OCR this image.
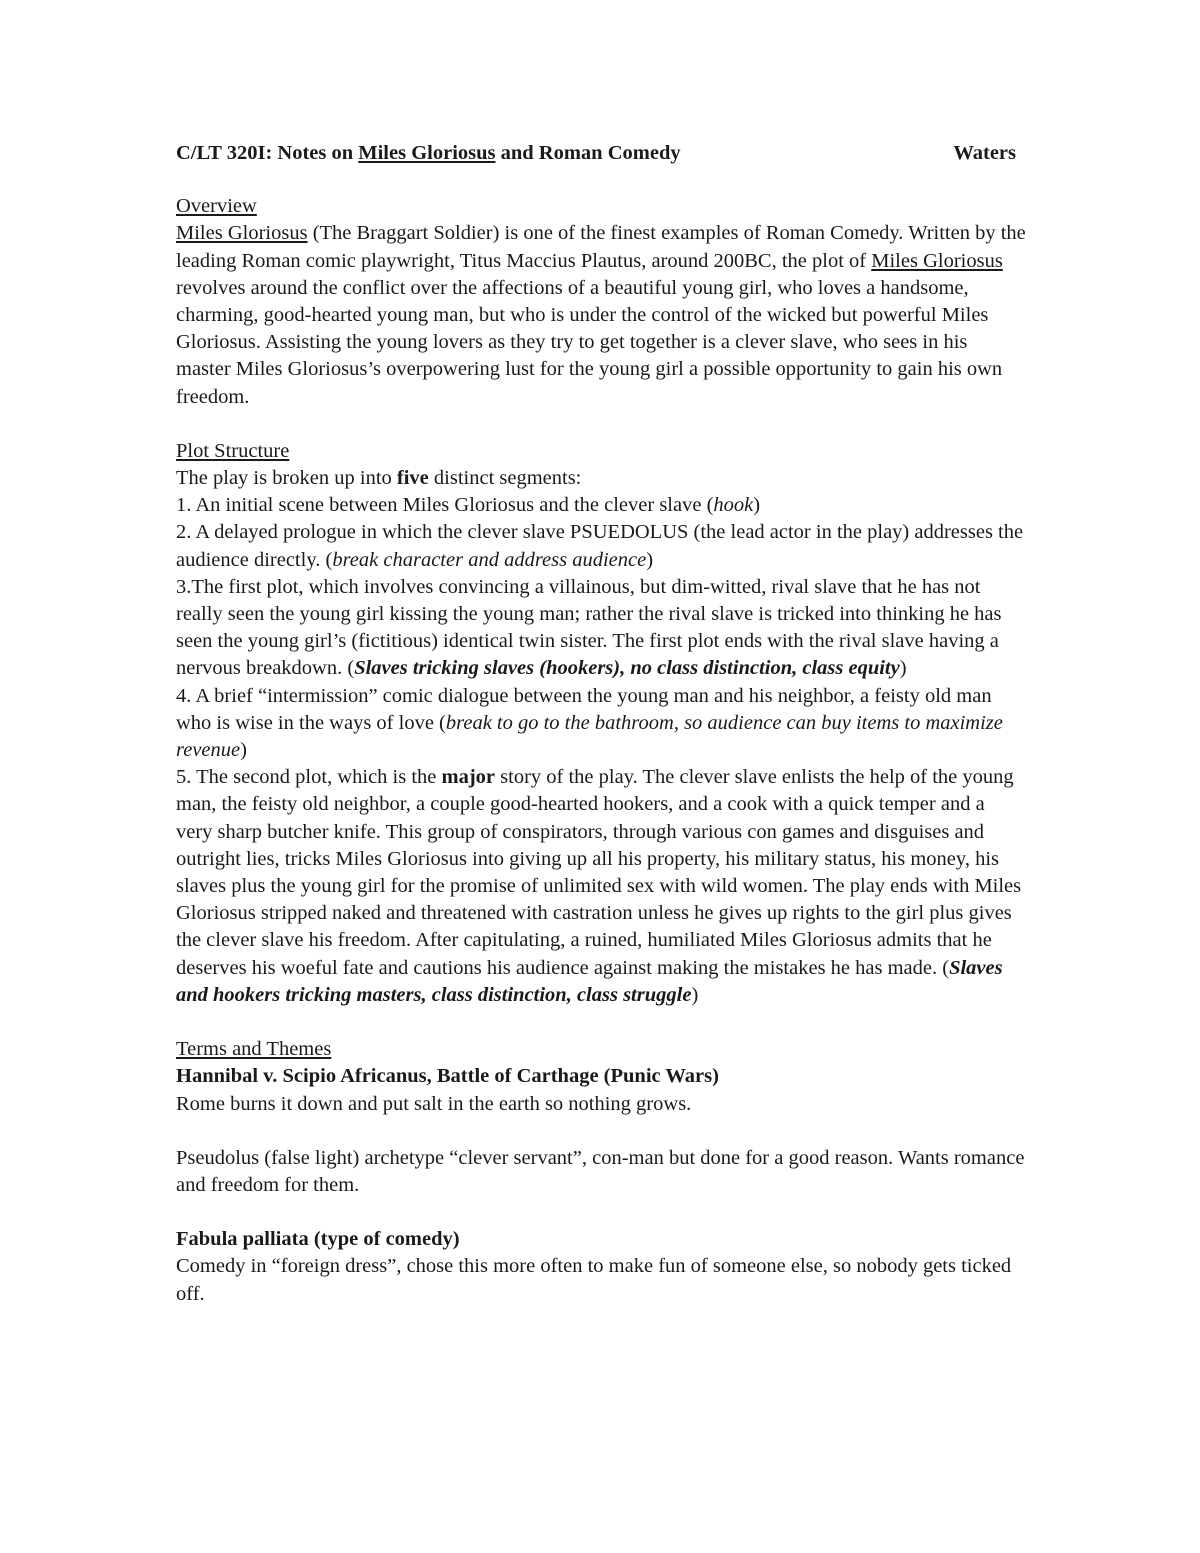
C/LT 320I: Notes on Miles Gloriosus and Roman Comedy	Waters
Overview

Miles Gloriosus (The Braggart Soldier) is one of the finest examples of Roman Comedy. Written by the leading Roman comic playwright, Titus Maccius Plautus, around 200BC, the plot of Miles Gloriosus revolves around the conflict over the affections of a beautiful young girl, who loves a handsome, charming, good-hearted young man, but who is under the control of the wicked but powerful Miles Gloriosus. Assisting the young lovers as they try to get together is a clever slave, who sees in his master Miles Gloriosus’s overpowering lust for the young girl a possible opportunity to gain his own freedom.

Plot Structure

The play is broken up into five distinct segments:

1. An initial scene between Miles Gloriosus and the clever slave (hook)

2. A delayed prologue in which the clever slave PSUEDOLUS (the lead actor in the play) addresses the audience directly. (break character and address audience)

3.The first plot, which involves convincing a villainous, but dim-witted, rival slave that he has not really seen the young girl kissing the young man; rather the rival slave is tricked into thinking he has seen the young girl’s (fictitious) identical twin sister. The first plot ends with the rival slave having a nervous breakdown. (Slaves tricking slaves (hookers), no class distinction, class equity)

4. A brief “intermission” comic dialogue between the young man and his neighbor, a feisty old man who is wise in the ways of love (break to go to the bathroom, so audience can buy items to maximize revenue)

5. The second plot, which is the major story of the play. The clever slave enlists the help of the young man, the feisty old neighbor, a couple good-hearted hookers, and a cook with a quick temper and a very sharp butcher knife. This group of conspirators, through various con games and disguises and outright lies, tricks Miles Gloriosus into giving up all his property, his military status, his money, his slaves plus the young girl for the promise of unlimited sex with wild women. The play ends with Miles Gloriosus stripped naked and threatened with castration unless he gives up rights to the girl plus gives the clever slave his freedom. After capitulating, a ruined, humiliated Miles Gloriosus admits that he deserves his woeful fate and cautions his audience against making the mistakes he has made. (Slaves and hookers tricking masters, class distinction, class struggle)

Terms and Themes
Hannibal v. Scipio Africanus, Battle of Carthage (Punic Wars)

Rome burns it down and put salt in the earth so nothing grows.

Pseudolus (false light) archetype “clever servant”, con-man but done for a good reason. Wants romance and freedom for them.

Fabula palliata (type of comedy)

Comedy in “foreign dress”, chose this more often to make fun of someone else, so nobody gets ticked off.
